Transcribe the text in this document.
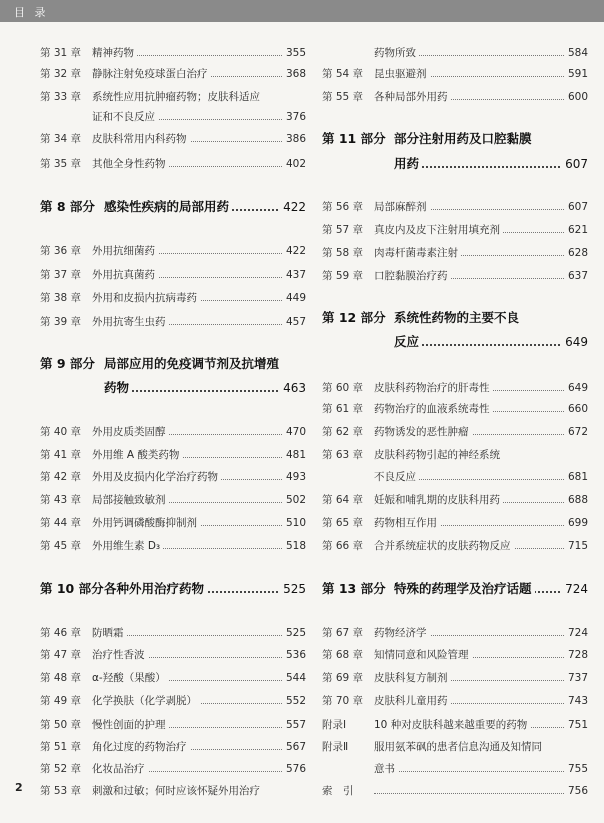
目 录
第 31 章 精神药物	355
第 32 章 静脉注射免疫球蛋白治疗	368
第 33 章 系统性应用抗肿瘤药物；皮肤科适应
证和不良反应	376
第 34 章 皮肤科常用内科药物	386
第 35 章 其他全身性药物	402
第 8 部分 感染性疾病的局部用药	422
第 36 章 外用抗细菌药	422
第 37 章 外用抗真菌药	437
第 38 章 外用和皮损内抗病毒药	449
第 39 章 外用抗寄生虫药	457
第 9 部分 局部应用的免疫调节剂及抗增殖
药物	463
第 40 章 外用皮质类固醇	470
第 41 章 外用维 A 酸类药物	481
第 42 章 外用及皮损内化学治疗药物	493
第 43 章 局部接触致敏剂	502
第 44 章 外用钙调磷酸酶抑制剂	510
第 45 章 外用维生素 D₃	518
第 10 部分 各种外用治疗药物	525
第 46 章 防晒霜	525
第 47 章 治疗性香波	536
第 48 章 α-羟酸（果酸）	544
第 49 章 化学换肤（化学剥脱）	552
第 50 章 慢性创面的护理	557
第 51 章 角化过度的药物治疗	567
第 52 章 化妆品治疗	576
第 53 章 刺激和过敏；何时应该怀疑外用治疗
药物所致	584
第 54 章 昆虫驱避剂	591
第 55 章 各种局部外用药	600
第 11 部分 部分注射用药及口腔黏膜
用药	607
第 56 章 局部麻醉剂	607
第 57 章 真皮内及皮下注射用填充剂	621
第 58 章 肉毒杆菌毒素注射	628
第 59 章 口腔黏膜治疗药	637
第 12 部分 系统性药物的主要不良
反应	649
第 60 章 皮肤科药物治疗的肝毒性	649
第 61 章 药物治疗的血液系统毒性	660
第 62 章 药物诱发的恶性肿瘤	672
第 63 章 皮肤科药物引起的神经系统
不良反应	681
第 64 章 妊娠和哺乳期的皮肤科用药	688
第 65 章 药物相互作用	699
第 66 章 合并系统症状的皮肤药物反应	715
第 13 部分 特殊的药理学及治疗话题	724
第 67 章 药物经济学	724
第 68 章 知情同意和风险管理	728
第 69 章 皮肤科复方制剂	737
第 70 章 皮肤科儿童用药	743
附录Ⅰ	10 种对皮肤科越来越重要的药物	751
附录Ⅱ 服用氨苯砜的患者信息沟通及知情同
意书	755
索　引	756
2
